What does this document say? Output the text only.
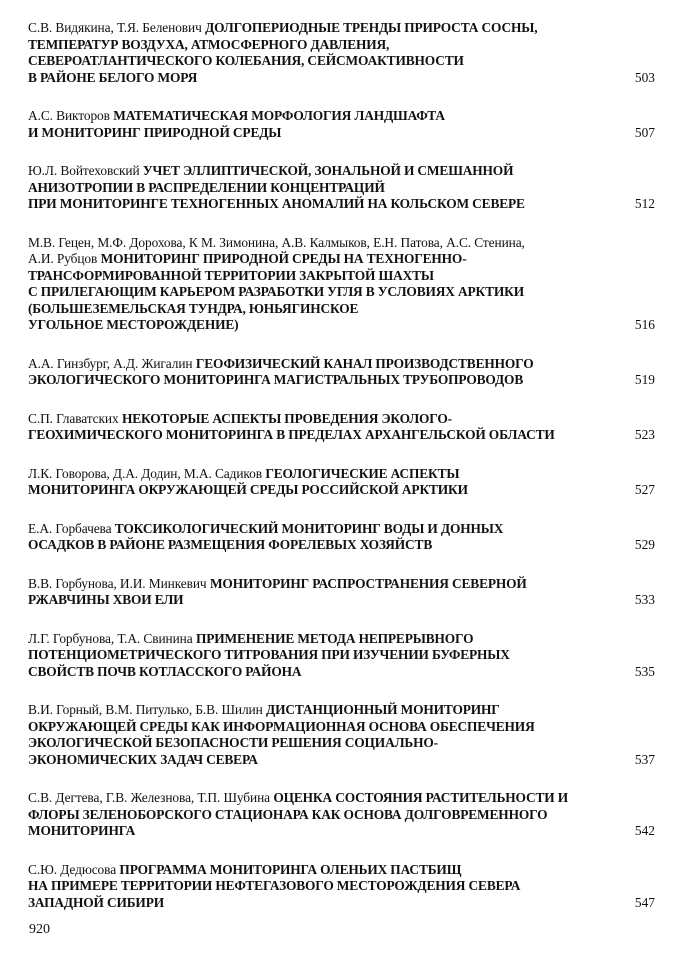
С.В. Видякина, Т.Я. Беленович ДОЛГОПЕРИОДНЫЕ ТРЕНДЫ ПРИРОСТА СОСНЫ,
ТЕМПЕРАТУР ВОЗДУХА, АТМОСФЕРНОГО ДАВЛЕНИЯ,
СЕВЕРОАТЛАНТИЧЕСКОГО КОЛЕБАНИЯ, СЕЙСМОАКТИВНОСТИ
В РАЙОНЕ БЕЛОГО МОРЯ	503
А.С. Викторов МАТЕМАТИЧЕСКАЯ МОРФОЛОГИЯ ЛАНДШАФТА
И МОНИТОРИНГ ПРИРОДНОЙ СРЕДЫ	507
Ю.Л. Войтеховский УЧЕТ ЭЛЛИПТИЧЕСКОЙ, ЗОНАЛЬНОЙ И СМЕШАННОЙ
АНИЗОТРОПИИ В РАСПРЕДЕЛЕНИИ КОНЦЕНТРАЦИЙ
ПРИ МОНИТОРИНГЕ ТЕХНОГЕННЫХ АНОМАЛИЙ НА КОЛЬСКОМ СЕВЕРЕ	512
М.В. Гецен, М.Ф. Дорохова, К М. Зимонина, А.В. Калмыков, Е.Н. Патова, А.С. Стенина,
А.И. Рубцов МОНИТОРИНГ ПРИРОДНОЙ СРЕДЫ НА ТЕХНОГЕННО-
ТРАНСФОРМИРОВАННОЙ ТЕРРИТОРИИ ЗАКРЫТОЙ ШАХТЫ
С ПРИЛЕГАЮЩИМ КАРЬЕРОМ РАЗРАБОТКИ УГЛЯ В УСЛОВИЯХ АРКТИКИ
(БОЛЬШЕЗЕМЕЛЬСКАЯ ТУНДРА, ЮНЬЯГИНСКОЕ
УГОЛЬНОЕ МЕСТОРОЖДЕНИЕ)	516
А.А. Гинзбург, А.Д. Жигалин ГЕОФИЗИЧЕСКИЙ КАНАЛ ПРОИЗВОДСТВЕННОГО
ЭКОЛОГИЧЕСКОГО МОНИТОРИНГА МАГИСТРАЛЬНЫХ ТРУБОПРОВОДОВ	519
С.П. Главатских НЕКОТОРЫЕ АСПЕКТЫ ПРОВЕДЕНИЯ ЭКОЛОГО-
ГЕОХИМИЧЕСКОГО МОНИТОРИНГА В ПРЕДЕЛАХ АРХАНГЕЛЬСКОЙ ОБЛАСТИ	523
Л.К. Говорова, Д.А. Додин, М.А. Садиков ГЕОЛОГИЧЕСКИЕ АСПЕКТЫ
МОНИТОРИНГА ОКРУЖАЮЩЕЙ СРЕДЫ РОССИЙСКОЙ АРКТИКИ	527
Е.А. Горбачева ТОКСИКОЛОГИЧЕСКИЙ МОНИТОРИНГ ВОДЫ И ДОННЫХ
ОСАДКОВ В РАЙОНЕ РАЗМЕЩЕНИЯ ФОРЕЛЕВЫХ ХОЗЯЙСТВ	529
В.В. Горбунова, И.И. Минкевич МОНИТОРИНГ РАСПРОСТРАНЕНИЯ СЕВЕРНОЙ
РЖАВЧИНЫ ХВОИ ЕЛИ	533
Л.Г. Горбунова, Т.А. Свинина ПРИМЕНЕНИЕ МЕТОДА НЕПРЕРЫВНОГО
ПОТЕНЦИОМЕТРИЧЕСКОГО ТИТРОВАНИЯ ПРИ ИЗУЧЕНИИ БУФЕРНЫХ
СВОЙСТВ ПОЧВ КОТЛАССКОГО РАЙОНА	535
В.И. Горный, В.М. Питулько, Б.В. Шилин ДИСТАНЦИОННЫЙ МОНИТОРИНГ
ОКРУЖАЮЩЕЙ СРЕДЫ КАК ИНФОРМАЦИОННАЯ ОСНОВА ОБЕСПЕЧЕНИЯ
ЭКОЛОГИЧЕСКОЙ БЕЗОПАСНОСТИ РЕШЕНИЯ СОЦИАЛЬНО-
ЭКОНОМИЧЕСКИХ ЗАДАЧ СЕВЕРА	537
С.В. Дегтева, Г.В. Железнова, Т.П. Шубина ОЦЕНКА СОСТОЯНИЯ РАСТИТЕЛЬНОСТИ И
ФЛОРЫ ЗЕЛЕНОБОРСКОГО СТАЦИОНАРА КАК ОСНОВА ДОЛГОВРЕМЕННОГО
МОНИТОРИНГА	542
С.Ю. Дедюсова ПРОГРАММА МОНИТОРИНГА ОЛЕНЬИХ ПАСТБИЩ
НА ПРИМЕРЕ ТЕРРИТОРИИ НЕФТЕГАЗОВОГО МЕСТОРОЖДЕНИЯ СЕВЕРА
ЗАПАДНОЙ СИБИРИ	547
920
